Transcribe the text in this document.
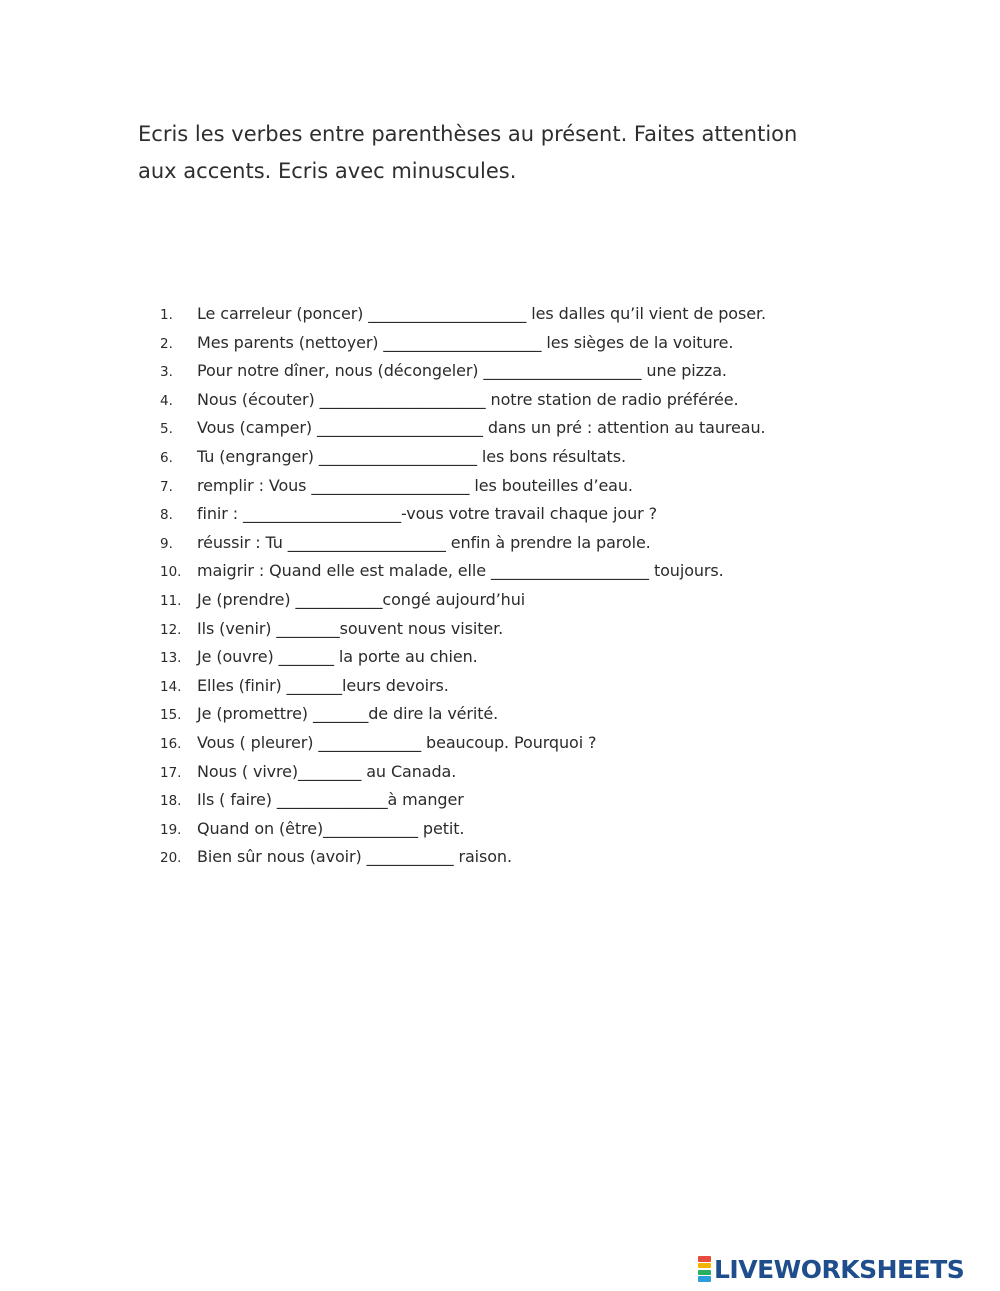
Ecris les verbes entre parenthèses au présent. Faites attention aux accents. Ecris avec minuscules.

1. Le carreleur (poncer) ____________________ les dalles qu’il vient de poser.
2. Mes parents (nettoyer) ____________________ les sièges de la voiture.
3. Pour notre dîner, nous (décongeler) ____________________ une pizza.
4. Nous (écouter) _____________________ notre station de radio préférée.
5. Vous (camper) _____________________ dans un pré : attention au taureau.
6. Tu (engranger) ____________________ les bons résultats.
7. remplir : Vous ____________________ les bouteilles d’eau.
8. finir : ____________________-vous votre travail chaque jour ?
9. réussir : Tu ____________________ enfin à prendre la parole.
10. maigrir : Quand elle est malade, elle ____________________ toujours.
11. Je (prendre) ___________congé aujourd’hui
12. Ils (venir) ________souvent nous visiter.
13. Je (ouvre) _______ la porte au chien.
14. Elles (finir) _______leurs devoirs.
15. Je (promettre) _______de dire la vérité.
16. Vous ( pleurer) _____________ beaucoup. Pourquoi ?
17. Nous ( vivre)________ au Canada.
18. Ils ( faire) ______________à manger
19. Quand on (être)____________ petit.
20. Bien sûr nous (avoir) ___________ raison.
LIVEWORKSHEETS
